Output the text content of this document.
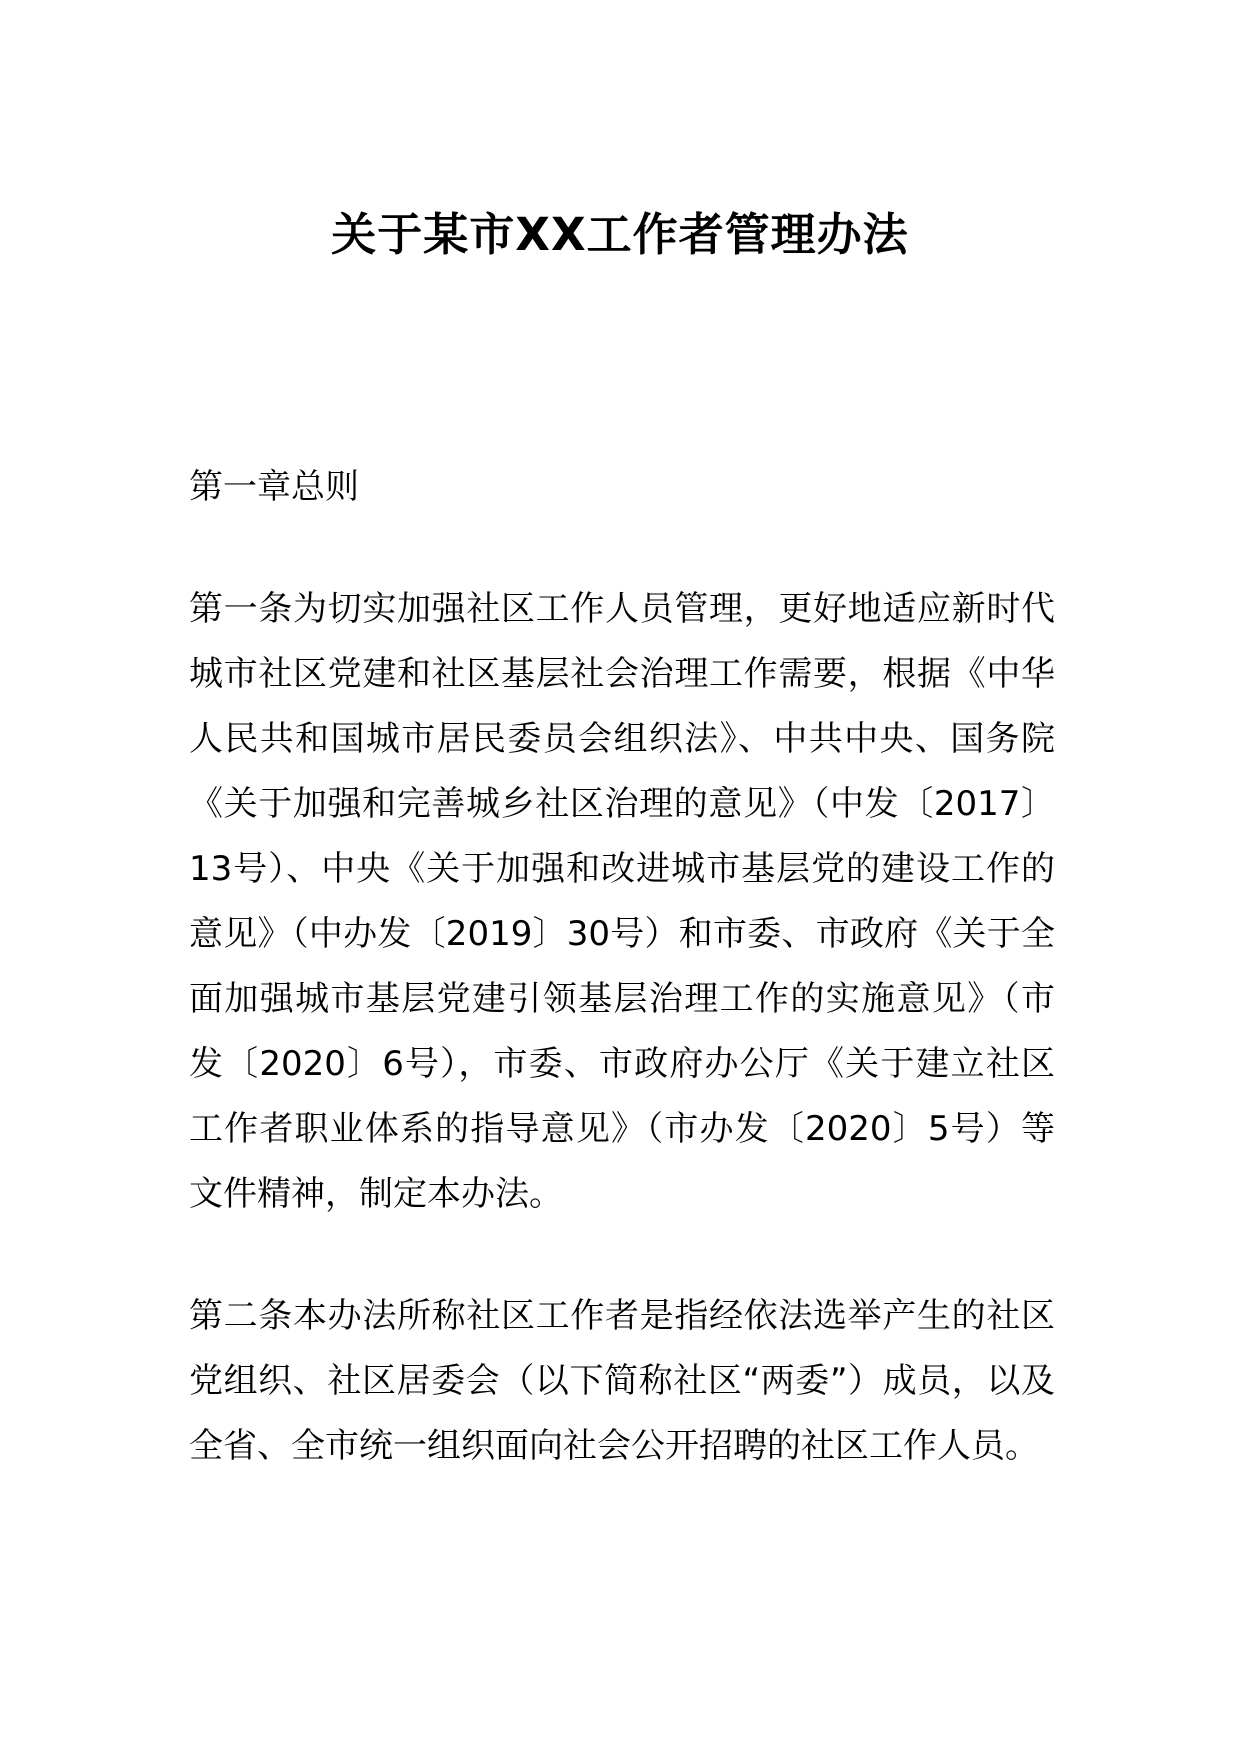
关于某市XX工作者管理办法

第一章总则

第一条为切实加强社区工作人员管理，更好地适应新时代城市社区党建和社区基层社会治理工作需要，根据《中华人民共和国城市居民委员会组织法》、中共中央、国务院《关于加强和完善城乡社区治理的意见》（中发〔2017〕13号）、中央《关于加强和改进城市基层党的建设工作的意见》（中办发〔2019〕30号）和市委、市政府《关于全面加强城市基层党建引领基层治理工作的实施意见》（市发〔2020〕6号），市委、市政府办公厅《关于建立社区工作者职业体系的指导意见》（市办发〔2020〕5号）等文件精神，制定本办法。

第二条本办法所称社区工作者是指经依法选举产生的社区党组织、社区居委会（以下简称社区“两委”）成员，以及全省、全市统一组织面向社会公开招聘的社区工作人员。
